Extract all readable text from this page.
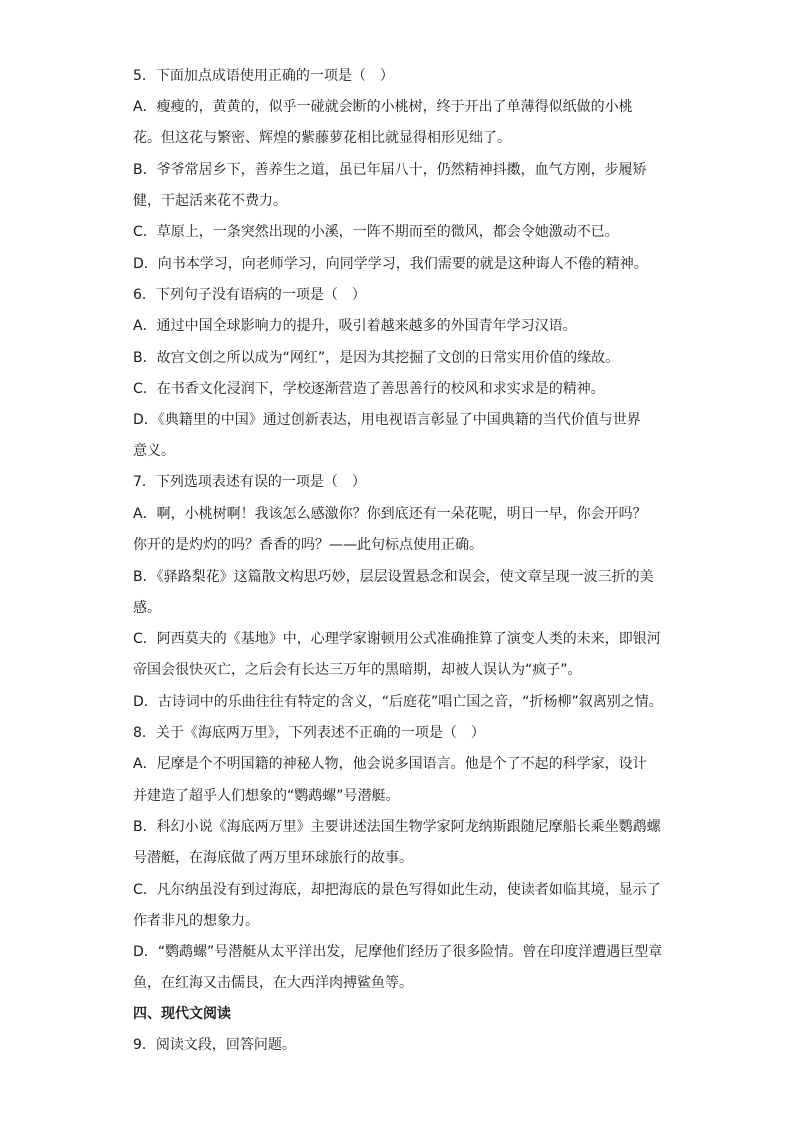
5．下面加点成语使用正确的一项是（　）
A．瘦瘦的，黄黄的，似乎一碰就会断的小桃树，终于开出了单薄得似纸做的小桃
花。但这花与繁密、辉煌的紫藤萝花相比就显得相形见绌了。
B．爷爷常居乡下，善养生之道，虽已年届八十，仍然精神抖擞，血气方刚，步履矫
健，干起活来花不费力。
C．草原上，一条突然出现的小溪，一阵不期而至的微风，都会令她激动不已。
D．向书本学习，向老师学习，向同学学习，我们需要的就是这种诲人不倦的精神。
6．下列句子没有语病的一项是（　）
A．通过中国全球影响力的提升，吸引着越来越多的外国青年学习汉语。
B．故宫文创之所以成为“网红”，是因为其挖掘了文创的日常实用价值的缘故。
C．在书香文化浸润下，学校逐渐营造了善思善行的校风和求实求是的精神。
D．《典籍里的中国》通过创新表达，用电视语言彰显了中国典籍的当代价值与世界
意义。
7．下列选项表述有误的一项是（　）
A．啊，小桃树啊！我该怎么感激你？你到底还有一朵花呢，明日一早，你会开吗？
你开的是灼灼的吗？香香的吗？——此句标点使用正确。
B．《驿路梨花》这篇散文构思巧妙，层层设置悬念和误会，使文章呈现一波三折的美
感。
C．阿西莫夫的《基地》中，心理学家谢顿用公式准确推算了演变人类的未来，即银河
帝国会很快灭亡，之后会有长达三万年的黑暗期，却被人误认为“疯子”。
D．古诗词中的乐曲往往有特定的含义，“后庭花”唱亡国之音，“折杨柳”叙离别之情。
8．关于《海底两万里》，下列表述不正确的一项是（　）
A．尼摩是个不明国籍的神秘人物，他会说多国语言。他是个了不起的科学家，设计
并建造了超乎人们想象的“鹦鹉螺”号潜艇。
B．科幻小说《海底两万里》主要讲述法国生物学家阿龙纳斯跟随尼摩船长乘坐鹦鹉螺
号潜艇，在海底做了两万里环球旅行的故事。
C．凡尔纳虽没有到过海底，却把海底的景色写得如此生动，使读者如临其境，显示了
作者非凡的想象力。
D．“鹦鹉螺”号潜艇从太平洋出发，尼摩他们经历了很多险情。曾在印度洋遭遇巨型章
鱼，在红海又击儒艮，在大西洋肉搏鲨鱼等。
四、现代文阅读
9．阅读文段，回答问题。
